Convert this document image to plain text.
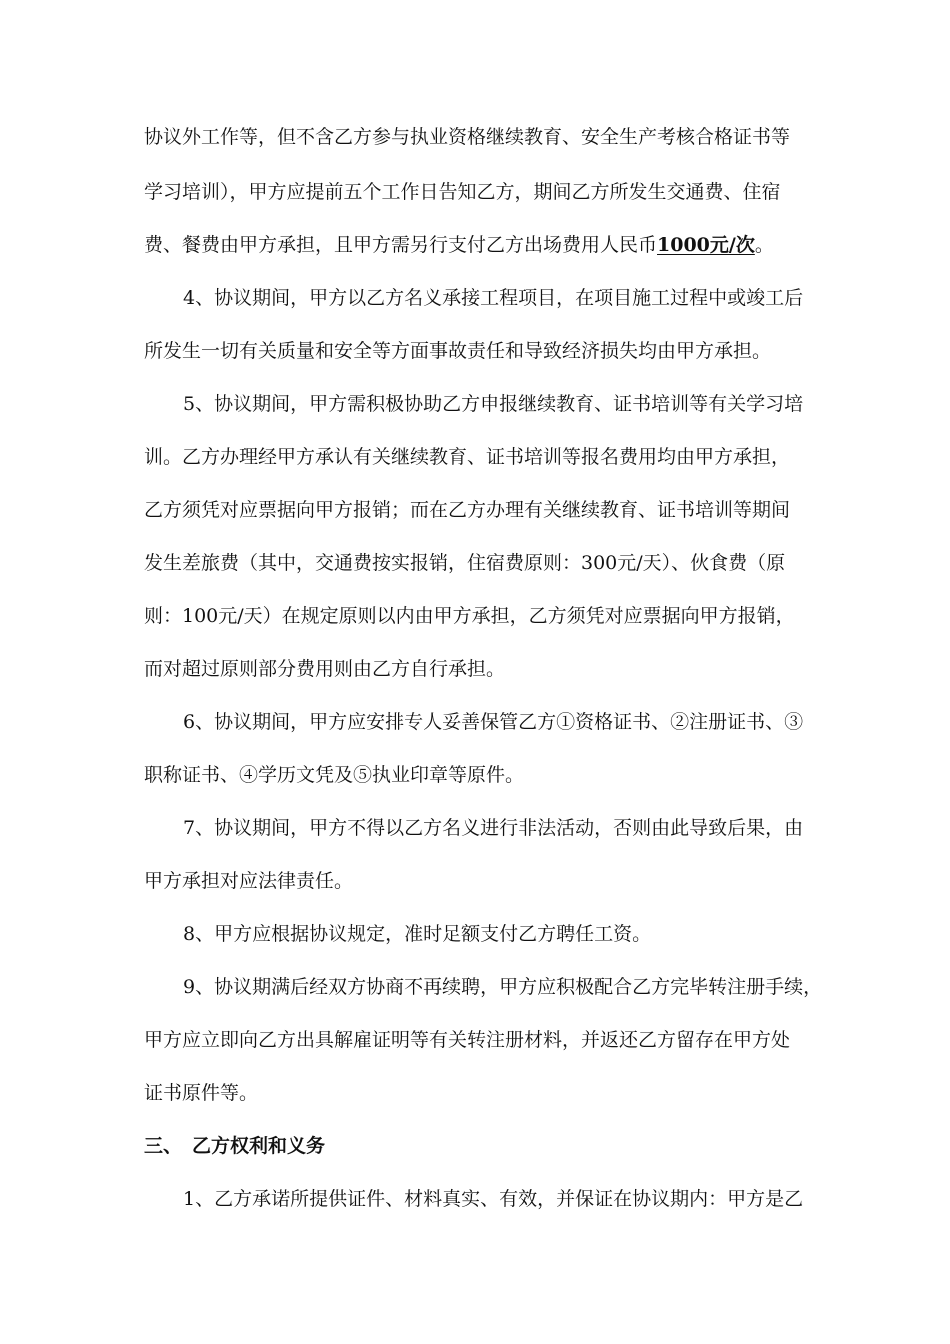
协议外工作等，但不含乙方参与执业资格继续教育、安全生产考核合格证书等
学习培训），甲方应提前五个工作日告知乙方，期间乙方所发生交通费、住宿
费、餐费由甲方承担，且甲方需另行支付乙方出场费用人民币1000元/次。
4、协议期间，甲方以乙方名义承接工程项目，在项目施工过程中或竣工后
所发生一切有关质量和安全等方面事故责任和导致经济损失均由甲方承担。
5、协议期间，甲方需积极协助乙方申报继续教育、证书培训等有关学习培
训。乙方办理经甲方承认有关继续教育、证书培训等报名费用均由甲方承担，
乙方须凭对应票据向甲方报销；而在乙方办理有关继续教育、证书培训等期间
发生差旅费（其中，交通费按实报销，住宿费原则：300元/天）、伙食费（原
则：100元/天）在规定原则以内由甲方承担，乙方须凭对应票据向甲方报销，
而对超过原则部分费用则由乙方自行承担。
6、协议期间，甲方应安排专人妥善保管乙方①资格证书、②注册证书、③
职称证书、④学历文凭及⑤执业印章等原件。
7、协议期间，甲方不得以乙方名义进行非法活动，否则由此导致后果，由
甲方承担对应法律责任。
8、甲方应根据协议规定，准时足额支付乙方聘任工资。
9、协议期满后经双方协商不再续聘，甲方应积极配合乙方完毕转注册手续，
甲方应立即向乙方出具解雇证明等有关转注册材料，并返还乙方留存在甲方处
证书原件等。
三、 乙方权利和义务
1、乙方承诺所提供证件、材料真实、有效，并保证在协议期内：甲方是乙
